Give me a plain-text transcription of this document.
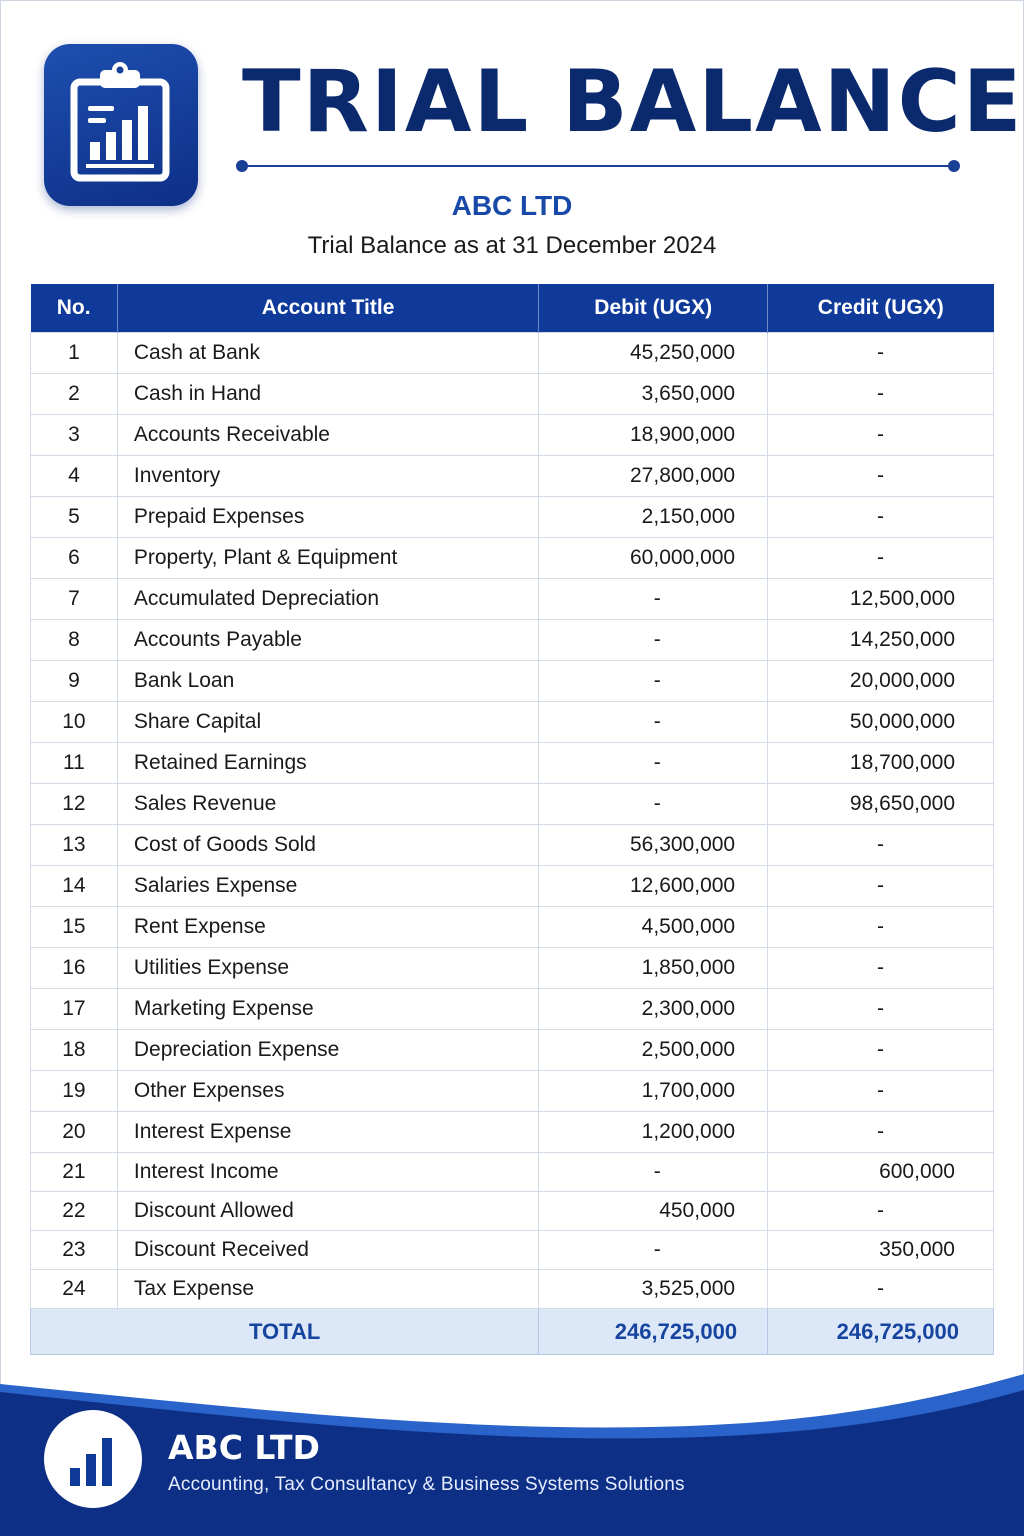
TRIAL BALANCE
ABC LTD
Trial Balance as at 31 December 2024
No.	Account Title	Debit (UGX)	Credit (UGX)
1	Cash at Bank	45,250,000	-
2	Cash in Hand	3,650,000	-
3	Accounts Receivable	18,900,000	-
4	Inventory	27,800,000	-
5	Prepaid Expenses	2,150,000	-
6	Property, Plant & Equipment	60,000,000	-
7	Accumulated Depreciation	-	12,500,000
8	Accounts Payable	-	14,250,000
9	Bank Loan	-	20,000,000
10	Share Capital	-	50,000,000
11	Retained Earnings	-	18,700,000
12	Sales Revenue	-	98,650,000
13	Cost of Goods Sold	56,300,000	-
14	Salaries Expense	12,600,000	-
15	Rent Expense	4,500,000	-
16	Utilities Expense	1,850,000	-
17	Marketing Expense	2,300,000	-
18	Depreciation Expense	2,500,000	-
19	Other Expenses	1,700,000	-
20	Interest Expense	1,200,000	-
21	Interest Income	-	600,000
22	Discount Allowed	450,000	-
23	Discount Received	-	350,000
24	Tax Expense	3,525,000	-
TOTAL		246,725,000	246,725,000
ABC LTD
Accounting, Tax Consultancy & Business Systems Solutions
